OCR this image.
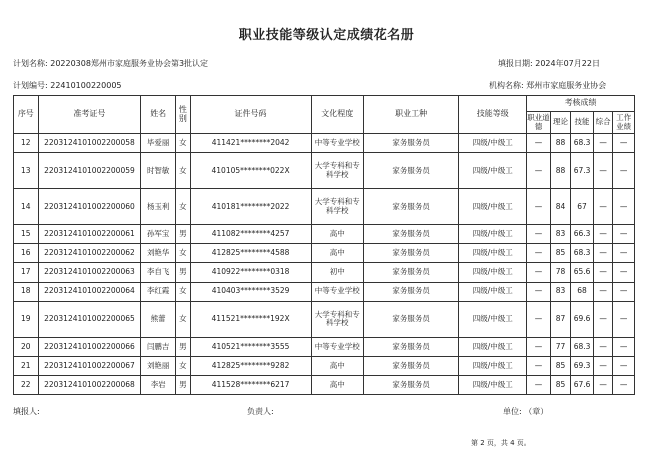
职业技能等级认定成绩花名册
计划名称: 20220308郑州市家庭服务业协会第3批认定	填报日期: 2024年07月22日
计划编号: 22410100220005	机构名称: 郑州市家庭服务业协会
序号	准考证号	姓名	性别	证件号码	文化程度	职业工种	技能等级	考核成绩				
								职业道德	理论	技能	综合	工作业绩
12	2203124101002200058	毕爱丽	女	411421********2042	中等专业学校	家务服务员	四级/中级工	—	88	68.3	—	—
13	2203124101002200059	时智敏	女	410105********022X	大学专科和专科学校	家务服务员	四级/中级工	—	88	67.3	—	—
14	2203124101002200060	杨玉利	女	410181********2022	大学专科和专科学校	家务服务员	四级/中级工	—	84	67	—	—
15	2203124101002200061	孙军宝	男	411082********4257	高中	家务服务员	四级/中级工	—	83	66.3	—	—
16	2203124101002200062	刘艳华	女	412825********4588	高中	家务服务员	四级/中级工	—	85	68.3	—	—
17	2203124101002200063	李自飞	男	410922********0318	初中	家务服务员	四级/中级工	—	78	65.6	—	—
18	2203124101002200064	李红霞	女	410403********3529	中等专业学校	家务服务员	四级/中级工	—	83	68	—	—
19	2203124101002200065	熊蕾	女	411521********192X	大学专科和专科学校	家务服务员	四级/中级工	—	87	69.6	—	—
20	2203124101002200066	闫鹏吉	男	410521********3555	中等专业学校	家务服务员	四级/中级工	—	77	68.3	—	—
21	2203124101002200067	刘艳丽	女	412825********9282	高中	家务服务员	四级/中级工	—	85	69.3	—	—
22	2203124101002200068	李岩	男	411528********6217	高中	家务服务员	四级/中级工	—	85	67.6	—	—
填报人:	负责人:	单位: （章）
第 2 页，共 4 页。
